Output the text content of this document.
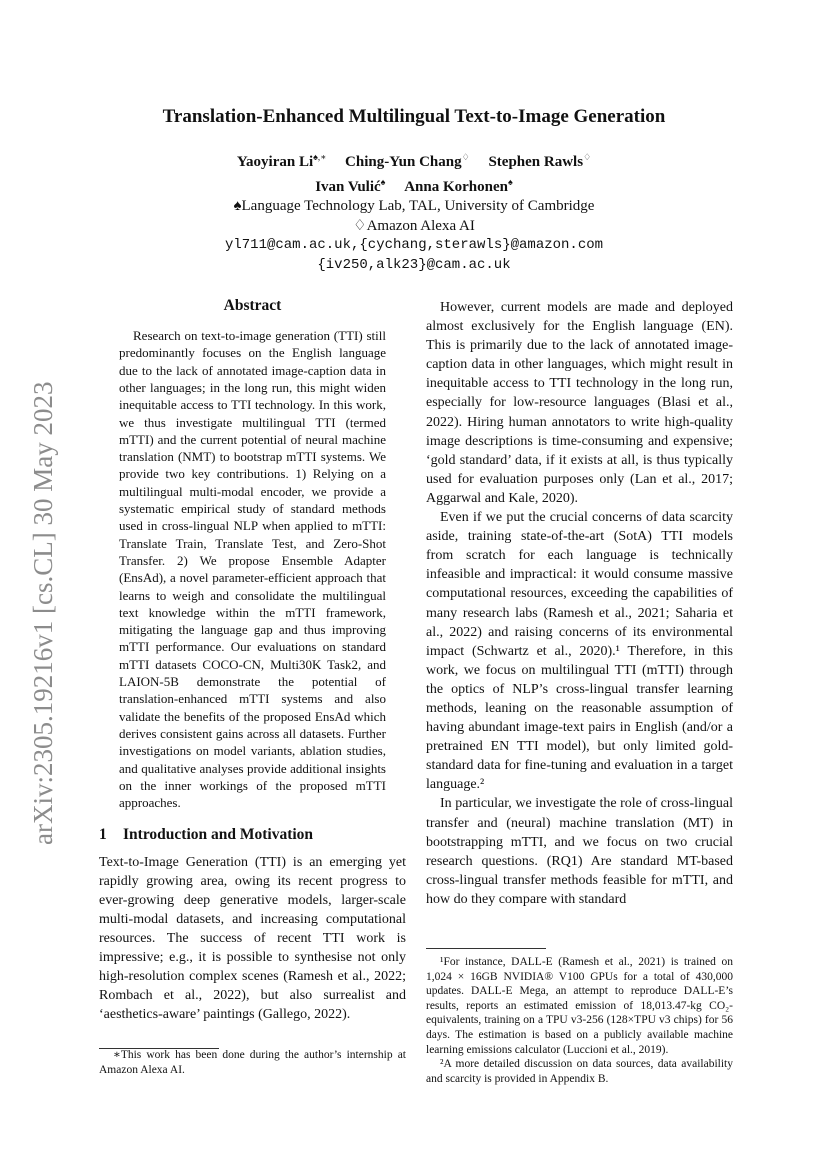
arXiv:2305.19216v1 [cs.CL] 30 May 2023
Translation-Enhanced Multilingual Text-to-Image Generation
Yaoyiran Li♠,∗ Ching-Yun Chang♢ Stephen Rawls♢
Ivan Vulić♠ Anna Korhonen♠
♠Language Technology Lab, TAL, University of Cambridge
♢Amazon Alexa AI
yl711@cam.ac.uk,{cychang,sterawls}@amazon.com
{iv250,alk23}@cam.ac.uk
Abstract

Research on text-to-image generation (TTI) still predominantly focuses on the English language due to the lack of annotated image-caption data in other languages; in the long run, this might widen inequitable access to TTI technology. In this work, we thus investigate multilingual TTI (termed mTTI) and the current potential of neural machine translation (NMT) to bootstrap mTTI systems. We provide two key contributions. 1) Relying on a multilingual multi-modal encoder, we provide a systematic empirical study of standard methods used in cross-lingual NLP when applied to mTTI: Translate Train, Translate Test, and Zero-Shot Transfer. 2) We propose Ensemble Adapter (EnsAd), a novel parameter-efficient approach that learns to weigh and consolidate the multilingual text knowledge within the mTTI framework, mitigating the language gap and thus improving mTTI performance. Our evaluations on standard mTTI datasets COCO-CN, Multi30K Task2, and LAION-5B demonstrate the potential of translation-enhanced mTTI systems and also validate the benefits of the proposed EnsAd which derives consistent gains across all datasets. Further investigations on model variants, ablation studies, and qualitative analyses provide additional insights on the inner workings of the proposed mTTI approaches.

1 Introduction and Motivation

Text-to-Image Generation (TTI) is an emerging yet rapidly growing area, owing its recent progress to ever-growing deep generative models, larger-scale multi-modal datasets, and increasing computational resources. The success of recent TTI work is impressive; e.g., it is possible to synthesise not only high-resolution complex scenes (Ramesh et al., 2022; Rombach et al., 2022), but also surrealist and ‘aesthetics-aware’ paintings (Gallego, 2022).

∗This work has been done during the author’s internship at Amazon Alexa AI.

However, current models are made and deployed almost exclusively for the English language (EN). This is primarily due to the lack of annotated image-caption data in other languages, which might result in inequitable access to TTI technology in the long run, especially for low-resource languages (Blasi et al., 2022). Hiring human annotators to write high-quality image descriptions is time-consuming and expensive; ‘gold standard’ data, if it exists at all, is thus typically used for evaluation purposes only (Lan et al., 2017; Aggarwal and Kale, 2020).

Even if we put the crucial concerns of data scarcity aside, training state-of-the-art (SotA) TTI models from scratch for each language is technically infeasible and impractical: it would consume massive computational resources, exceeding the capabilities of many research labs (Ramesh et al., 2021; Saharia et al., 2022) and raising concerns of its environmental impact (Schwartz et al., 2020).¹ Therefore, in this work, we focus on multilingual TTI (mTTI) through the optics of NLP’s cross-lingual transfer learning methods, leaning on the reasonable assumption of having abundant image-text pairs in English (and/or a pretrained EN TTI model), but only limited gold-standard data for fine-tuning and evaluation in a target language.²

In particular, we investigate the role of cross-lingual transfer and (neural) machine translation (MT) in bootstrapping mTTI, and we focus on two crucial research questions. (RQ1) Are standard MT-based cross-lingual transfer methods feasible for mTTI, and how do they compare with standard

¹For instance, DALL-E (Ramesh et al., 2021) is trained on 1,024 × 16GB NVIDIA® V100 GPUs for a total of 430,000 updates. DALL-E Mega, an attempt to reproduce DALL-E’s results, reports an estimated emission of 18,013.47-kg CO₂-equivalents, training on a TPU v3-256 (128×TPU v3 chips) for 56 days. The estimation is based on a publicly available machine learning emissions calculator (Luccioni et al., 2019).

²A more detailed discussion on data sources, data availability and scarcity is provided in Appendix B.
